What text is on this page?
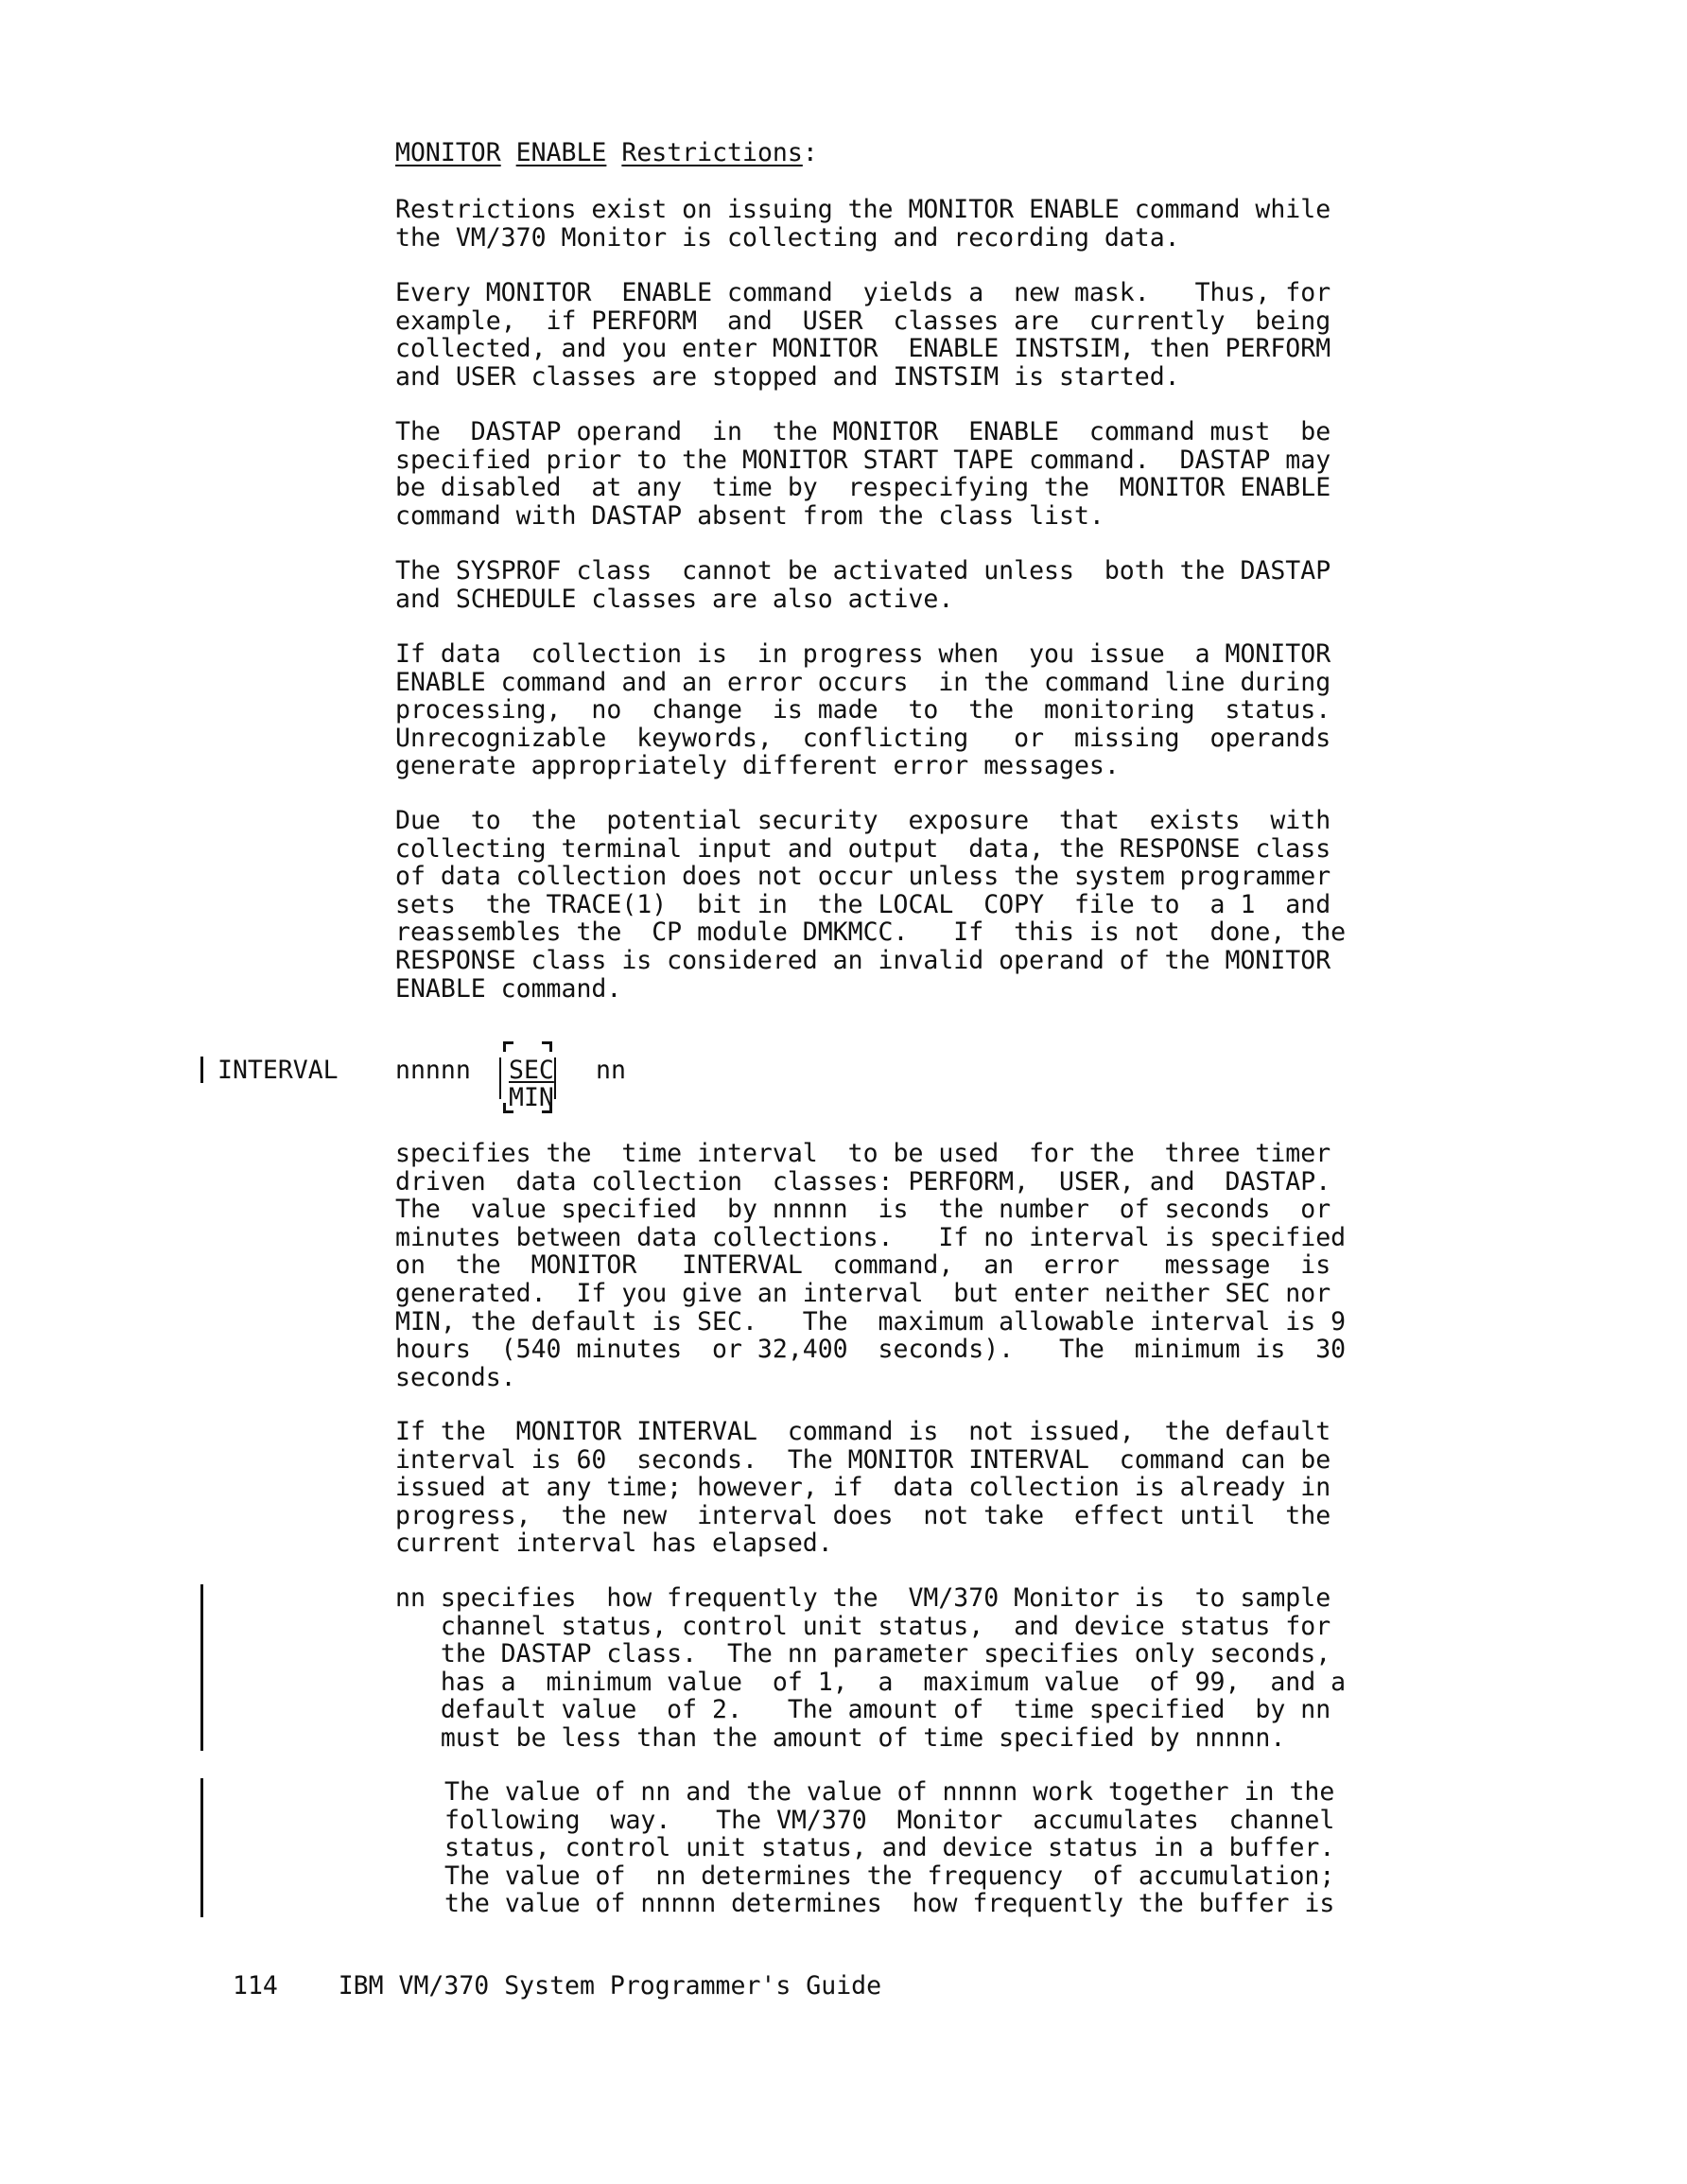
MONITOR ENABLE Restrictions:
Restrictions exist on issuing the MONITOR ENABLE command while
the VM/370 Monitor is collecting and recording data.
Every MONITOR  ENABLE command  yields a  new mask.   Thus, for
example,  if PERFORM  and  USER  classes are  currently  being
collected, and you enter MONITOR  ENABLE INSTSIM, then PERFORM
and USER classes are stopped and INSTSIM is started.
The  DASTAP operand  in  the MONITOR  ENABLE  command must  be
specified prior to the MONITOR START TAPE command.  DASTAP may
be disabled  at any  time by  respecifying the  MONITOR ENABLE
command with DASTAP absent from the class list.
The SYSPROF class  cannot be activated unless  both the DASTAP
and SCHEDULE classes are also active.
If data  collection is  in progress when  you issue  a MONITOR
ENABLE command and an error occurs  in the command line during
processing,  no  change  is made  to  the  monitoring  status.
Unrecognizable  keywords,  conflicting   or  missing  operands
generate appropriately different error messages.
Due  to  the  potential security  exposure  that  exists  with
collecting terminal input and output  data, the RESPONSE class
of data collection does not occur unless the system programmer
sets  the TRACE(1)  bit in  the LOCAL  COPY  file to  a 1  and
reassembles the  CP module DMKMCC.   If  this is not  done, the
RESPONSE class is considered an invalid operand of the MONITOR
ENABLE command.
INTERVAL nnnnn SEC
MIN
nn
specifies the  time interval  to be used  for the  three timer
driven  data collection  classes: PERFORM,  USER, and  DASTAP.
The  value specified  by nnnnn  is  the number  of seconds  or
minutes between data collections.   If no interval is specified
on  the  MONITOR   INTERVAL  command,  an  error   message  is
generated.  If you give an interval  but enter neither SEC nor
MIN, the default is SEC.   The  maximum allowable interval is 9
hours  (540 minutes  or 32,400  seconds).   The  minimum is  30
seconds.
If the  MONITOR INTERVAL  command is  not issued,  the default
interval is 60  seconds.  The MONITOR INTERVAL  command can be
issued at any time; however, if  data collection is already in
progress,  the new  interval does  not take  effect until  the
current interval has elapsed.
nn specifies  how frequently the  VM/370 Monitor is  to sample
channel status, control unit status,  and device status for
the DASTAP class.  The nn parameter specifies only seconds,
has a  minimum value  of 1,  a  maximum value  of 99,  and a
default value  of 2.   The amount of  time specified  by nn
must be less than the amount of time specified by nnnnn.
The value of nn and the value of nnnnn work together in the
following  way.   The VM/370  Monitor  accumulates  channel
status, control unit status, and device status in a buffer.
The value of  nn determines the frequency  of accumulation;
the value of nnnnn determines  how frequently the buffer is
114 IBM VM/370 System Programmer's Guide
